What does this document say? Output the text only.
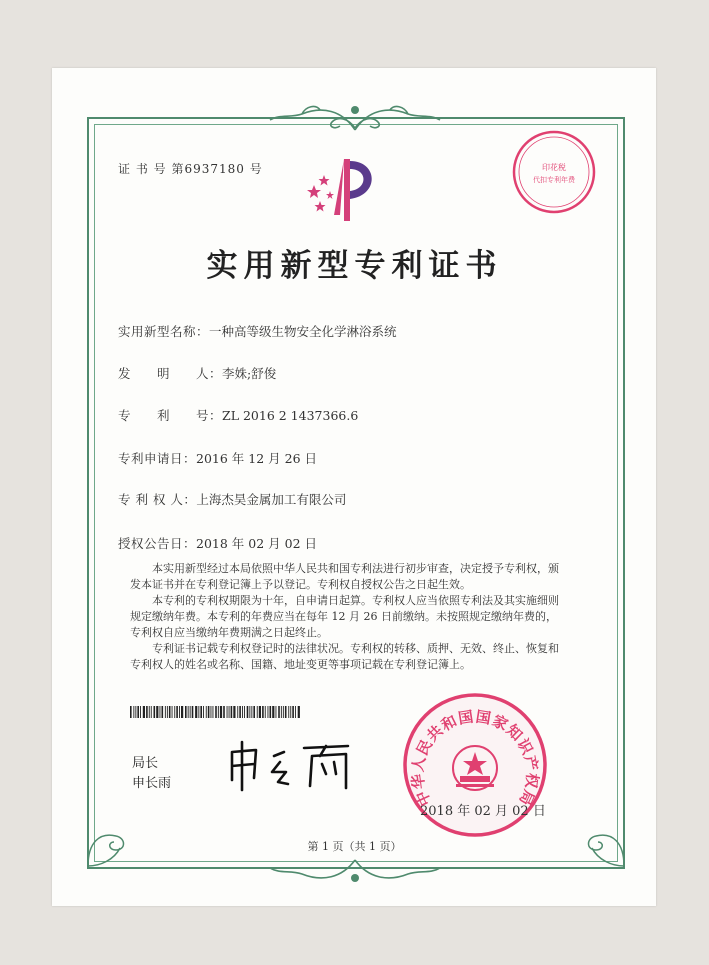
证 书 号 第6937180 号	印花税
代扣专利年费
实用新型专利证书
实用新型名称：一种高等级生物安全化学淋浴系统
发　　明　　人：李姝;舒俊
专　　利　　号：ZL 2016 2 1437366.6
专利申请日：2016 年 12 月 26 日
专 利 权 人：上海杰昊金属加工有限公司
授权公告日：2018 年 02 月 02 日

本实用新型经过本局依照中华人民共和国专利法进行初步审查，决定授予专利权，颁发本证书并在专利登记簿上予以登记。专利权自授权公告之日起生效。

本专利的专利权期限为十年，自申请日起算。专利权人应当依照专利法及其实施细则规定缴纳年费。本专利的年费应当在每年 12 月 26 日前缴纳。未按照规定缴纳年费的，专利权自应当缴纳年费期满之日起终止。

专利证书记载专利权登记时的法律状况。专利权的转移、质押、无效、终止、恢复和专利权人的姓名或名称、国籍、地址变更等事项记载在专利登记簿上。

局长
申长雨
中华人民共和国国家知识产权局
2018 年 02 月 02 日
第 1 页（共 1 页）
